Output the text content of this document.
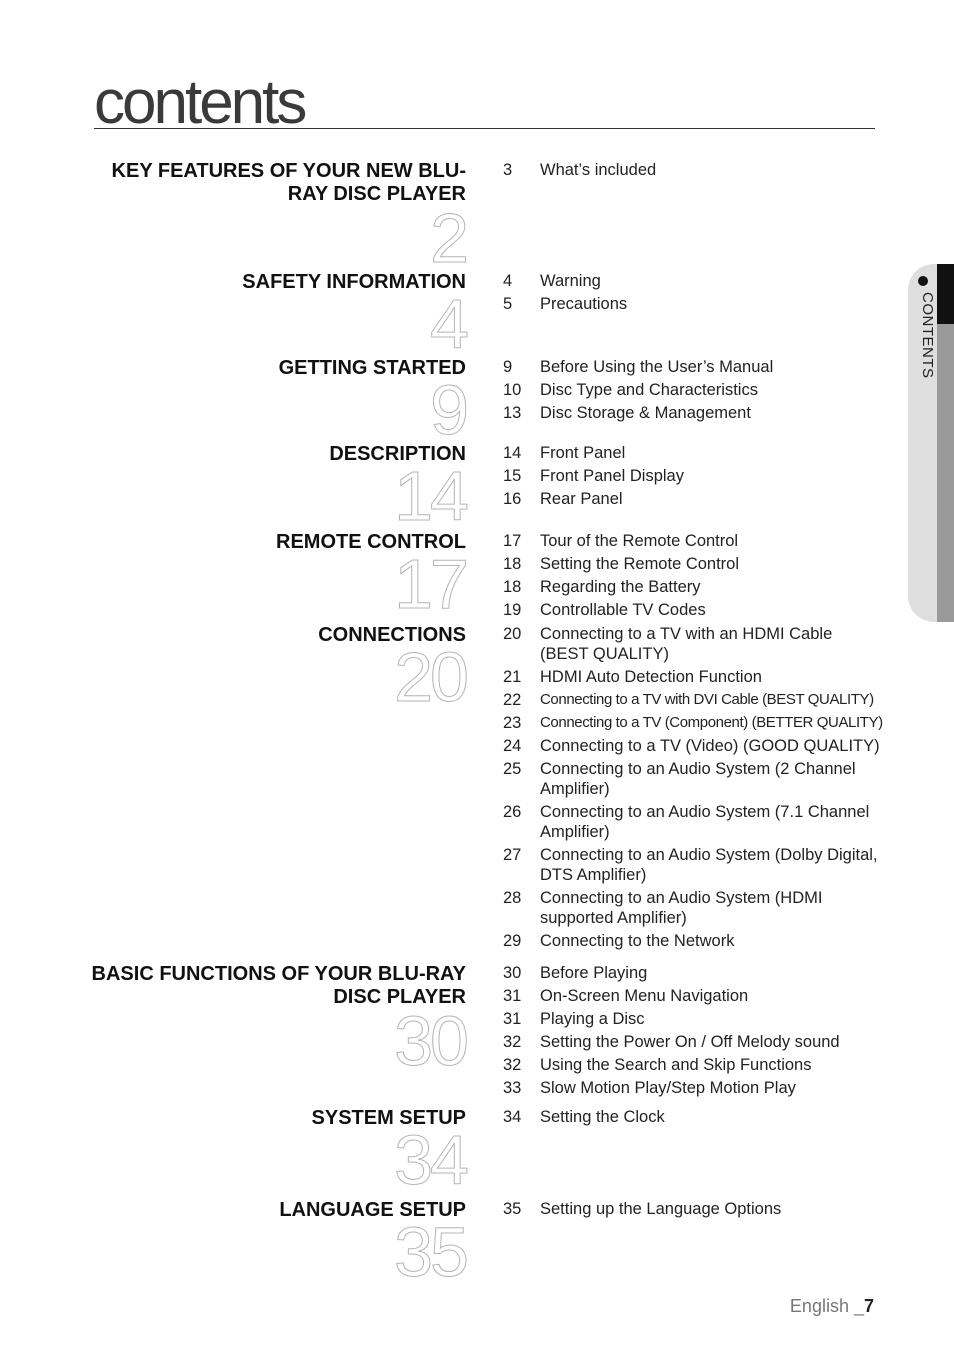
contents
KEY FEATURES OF YOUR NEW BLU-RAY DISC PLAYER
2
3	What’s included
SAFETY INFORMATION
4
4	Warning
5	Precautions
GETTING STARTED
9
9	Before Using the User’s Manual
10	Disc Type and Characteristics
13	Disc Storage & Management
DESCRIPTION
14
14	Front Panel
15	Front Panel Display
16	Rear Panel
REMOTE CONTROL
17
17	Tour of the Remote Control
18	Setting the Remote Control
18	Regarding the Battery
19	Controllable TV Codes
CONNECTIONS
20
20	Connecting to a TV with an HDMI Cable (BEST QUALITY)
21	HDMI Auto Detection Function
22	Connecting to a TV with DVI Cable (BEST QUALITY)
23	Connecting to a TV (Component) (BETTER QUALITY)
24	Connecting to a TV (Video) (GOOD QUALITY)
25	Connecting to an Audio System (2 Channel Amplifier)
26	Connecting to an Audio System (7.1 Channel Amplifier)
27	Connecting to an Audio System (Dolby Digital, DTS Amplifier)
28	Connecting to an Audio System (HDMI supported Amplifier)
29	Connecting to the Network
BASIC FUNCTIONS OF YOUR BLU-RAY DISC PLAYER
30
30	Before Playing
31	On-Screen Menu Navigation
31	Playing a Disc
32	Setting the Power On / Off Melody sound
32	Using the Search and Skip Functions
33	Slow Motion Play/Step Motion Play
SYSTEM SETUP
34
34	Setting the Clock
LANGUAGE SETUP
35
35	Setting up the Language Options
CONTENTS
English _7
